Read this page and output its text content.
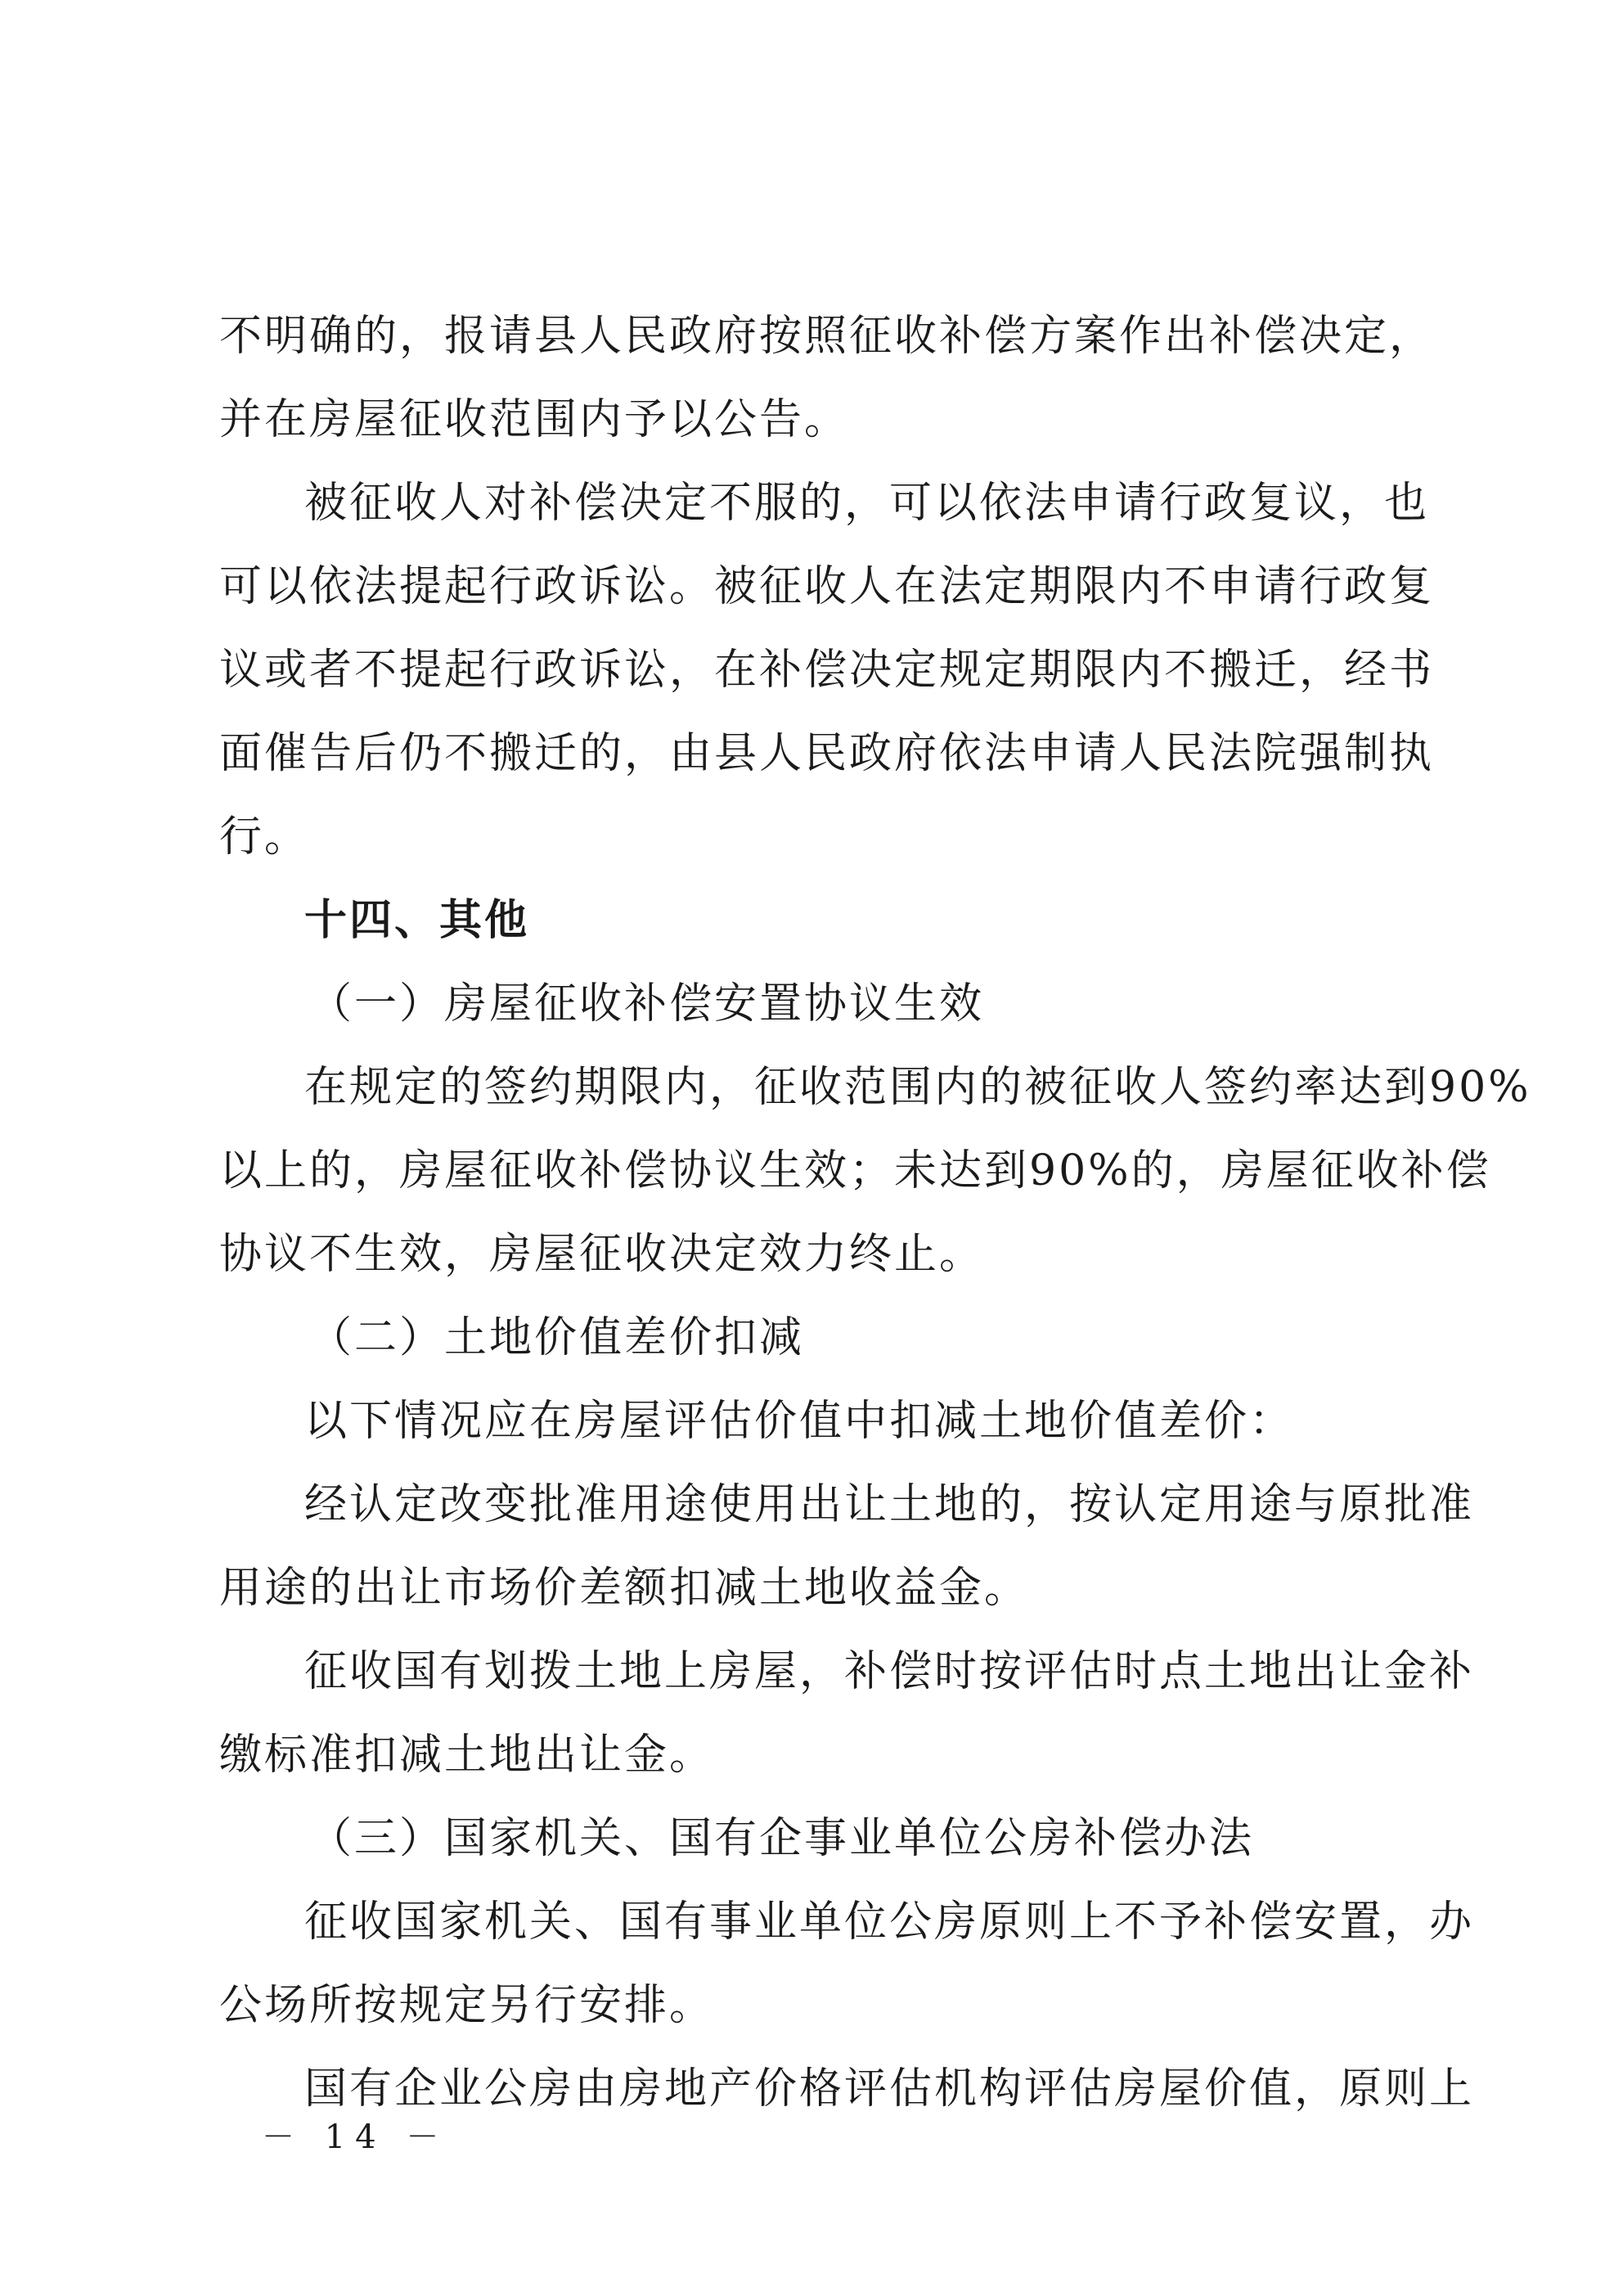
不明确的，报请县人民政府按照征收补偿方案作出补偿决定，
并在房屋征收范围内予以公告。
被征收人对补偿决定不服的，可以依法申请行政复议，也
可以依法提起行政诉讼。被征收人在法定期限内不申请行政复
议或者不提起行政诉讼，在补偿决定规定期限内不搬迁，经书
面催告后仍不搬迁的，由县人民政府依法申请人民法院强制执
行。
十四、其他
（一）房屋征收补偿安置协议生效
在规定的签约期限内，征收范围内的被征收人签约率达到90%
以上的，房屋征收补偿协议生效；未达到90%的，房屋征收补偿
协议不生效，房屋征收决定效力终止。
（二）土地价值差价扣减
以下情况应在房屋评估价值中扣减土地价值差价：
经认定改变批准用途使用出让土地的，按认定用途与原批准
用途的出让市场价差额扣减土地收益金。
征收国有划拨土地上房屋，补偿时按评估时点土地出让金补
缴标准扣减土地出让金。
（三）国家机关、国有企事业单位公房补偿办法
征收国家机关、国有事业单位公房原则上不予补偿安置，办
公场所按规定另行安排。
国有企业公房由房地产价格评估机构评估房屋价值，原则上
－ 14 －
